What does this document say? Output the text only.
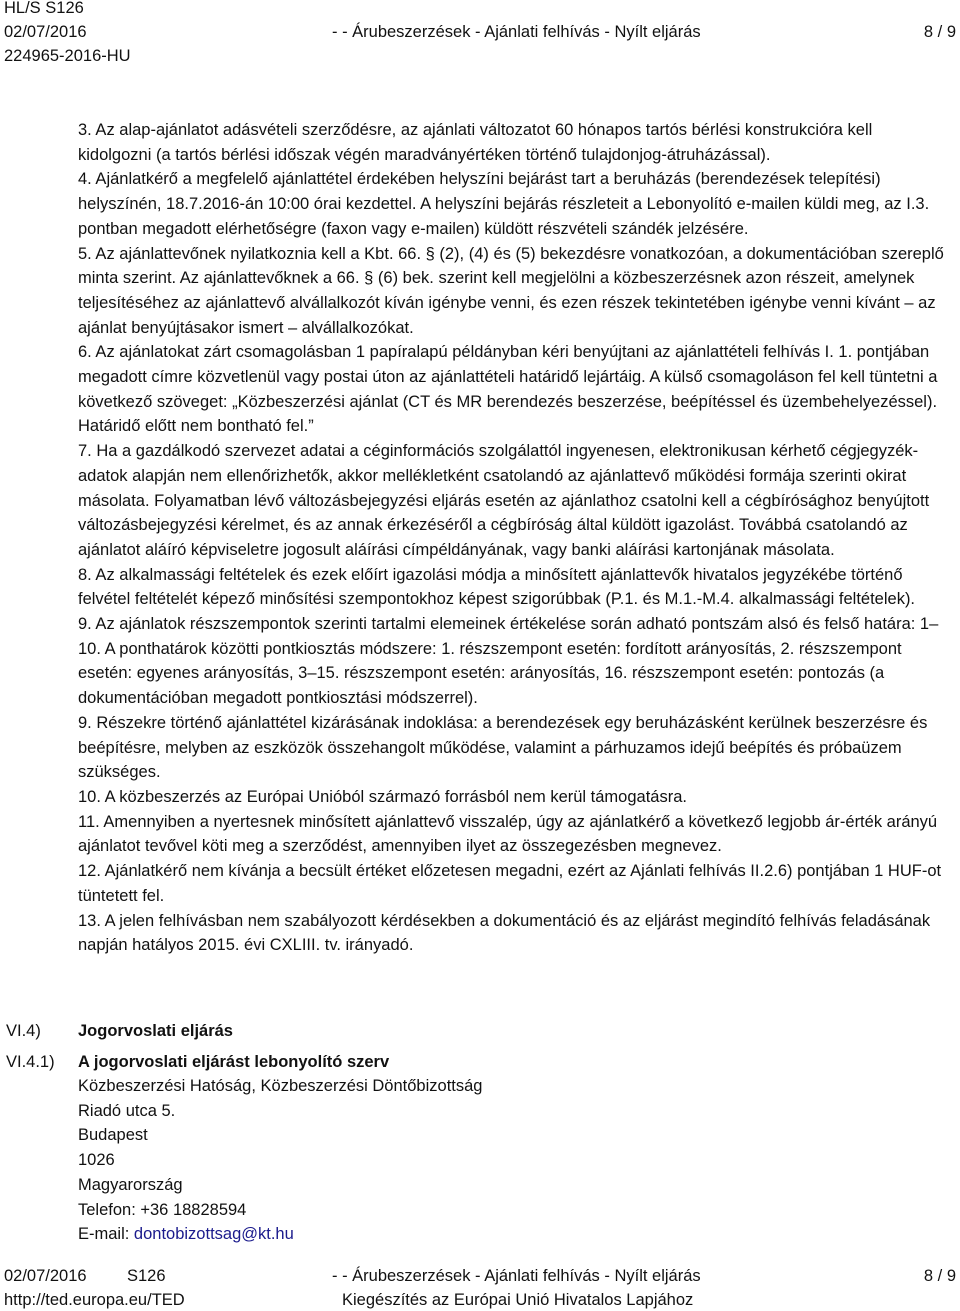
HL/S S126
02/07/2016	- - Árubeszerzések - Ajánlati felhívás - Nyílt eljárás	8 / 9
224965-2016-HU

3. Az alap-ajánlatot adásvételi szerződésre, az ajánlati változatot 60 hónapos tartós bérlési konstrukcióra kell kidolgozni (a tartós bérlési időszak végén maradványértéken történő tulajdonjog-átruházással).

4. Ajánlatkérő a megfelelő ajánlattétel érdekében helyszíni bejárást tart a beruházás (berendezések telepítési) helyszínén, 18.7.2016-án 10:00 órai kezdettel. A helyszíni bejárás részleteit a Lebonyolító e-mailen küldi meg, az I.3. pontban megadott elérhetőségre (faxon vagy e-mailen) küldött részvételi szándék jelzésére.

5. Az ajánlattevőnek nyilatkoznia kell a Kbt. 66. § (2), (4) és (5) bekezdésre vonatkozóan, a dokumentációban szereplő minta szerint. Az ajánlattevőknek a 66. § (6) bek. szerint kell megjelölni a közbeszerzésnek azon részeit, amelynek teljesítéséhez az ajánlattevő alvállalkozót kíván igénybe venni, és ezen részek tekintetében igénybe venni kívánt – az ajánlat benyújtásakor ismert – alvállalkozókat.

6. Az ajánlatokat zárt csomagolásban 1 papíralapú példányban kéri benyújtani az ajánlattételi felhívás I. 1. pontjában megadott címre közvetlenül vagy postai úton az ajánlattételi határidő lejártáig. A külső csomagoláson fel kell tüntetni a következő szöveget: „Közbeszerzési ajánlat (CT és MR berendezés beszerzése, beépítéssel és üzembehelyezéssel). Határidő előtt nem bontható fel.”

7. Ha a gazdálkodó szervezet adatai a céginformációs szolgálattól ingyenesen, elektronikusan kérhető cégjegyzék-adatok alapján nem ellenőrizhetők, akkor mellékletként csatolandó az ajánlattevő működési formája szerinti okirat másolata. Folyamatban lévő változásbejegyzési eljárás esetén az ajánlathoz csatolni kell a cégbírósághoz benyújtott változásbejegyzési kérelmet, és az annak érkezéséről a cégbíróság által küldött igazolást. Továbbá csatolandó az ajánlatot aláíró képviseletre jogosult aláírási címpéldányának, vagy banki aláírási kartonjának másolata.

8. Az alkalmassági feltételek és ezek előírt igazolási módja a minősített ajánlattevők hivatalos jegyzékébe történő felvétel feltételét képező minősítési szempontokhoz képest szigorúbbak (P.1. és M.1.-M.4. alkalmassági feltételek).

9. Az ajánlatok részszempontok szerinti tartalmi elemeinek értékelése során adható pontszám alsó és felső határa: 1–10. A ponthatárok közötti pontkiosztás módszere: 1. részszempont esetén: fordított arányosítás, 2. részszempont esetén: egyenes arányosítás, 3–15. részszempont esetén: arányosítás, 16. részszempont esetén: pontozás (a dokumentációban megadott pontkiosztási módszerrel).

9. Részekre történő ajánlattétel kizárásának indoklása: a berendezések egy beruházásként kerülnek beszerzésre és beépítésre, melyben az eszközök összehangolt működése, valamint a párhuzamos idejű beépítés és próbaüzem szükséges.

10. A közbeszerzés az Európai Unióból származó forrásból nem kerül támogatásra.

11. Amennyiben a nyertesnek minősített ajánlattevő visszalép, úgy az ajánlatkérő a következő legjobb ár-érték arányú ajánlatot tevővel köti meg a szerződést, amennyiben ilyet az összegezésben megnevez.

12. Ajánlatkérő nem kívánja a becsült értéket előzetesen megadni, ezért az Ajánlati felhívás II.2.6) pontjában 1 HUF-ot tüntetett fel.

13. A jelen felhívásban nem szabályozott kérdésekben a dokumentáció és az eljárást megindító felhívás feladásának napján hatályos 2015. évi CXLIII. tv. irányadó.

VI.4) Jogorvoslati eljárás
VI.4.1) A jogorvoslati eljárást lebonyolító szerv
Közbeszerzési Hatóság, Közbeszerzési Döntőbizottság
Riadó utca 5.
Budapest
1026
Magyarország
Telefon: +36 18828594
E-mail: dontobizottsag@kt.hu
02/07/2016 S126	- - Árubeszerzések - Ajánlati felhívás - Nyílt eljárás	8 / 9
http://ted.europa.eu/TED	Kiegészítés az Európai Unió Hivatalos Lapjához
